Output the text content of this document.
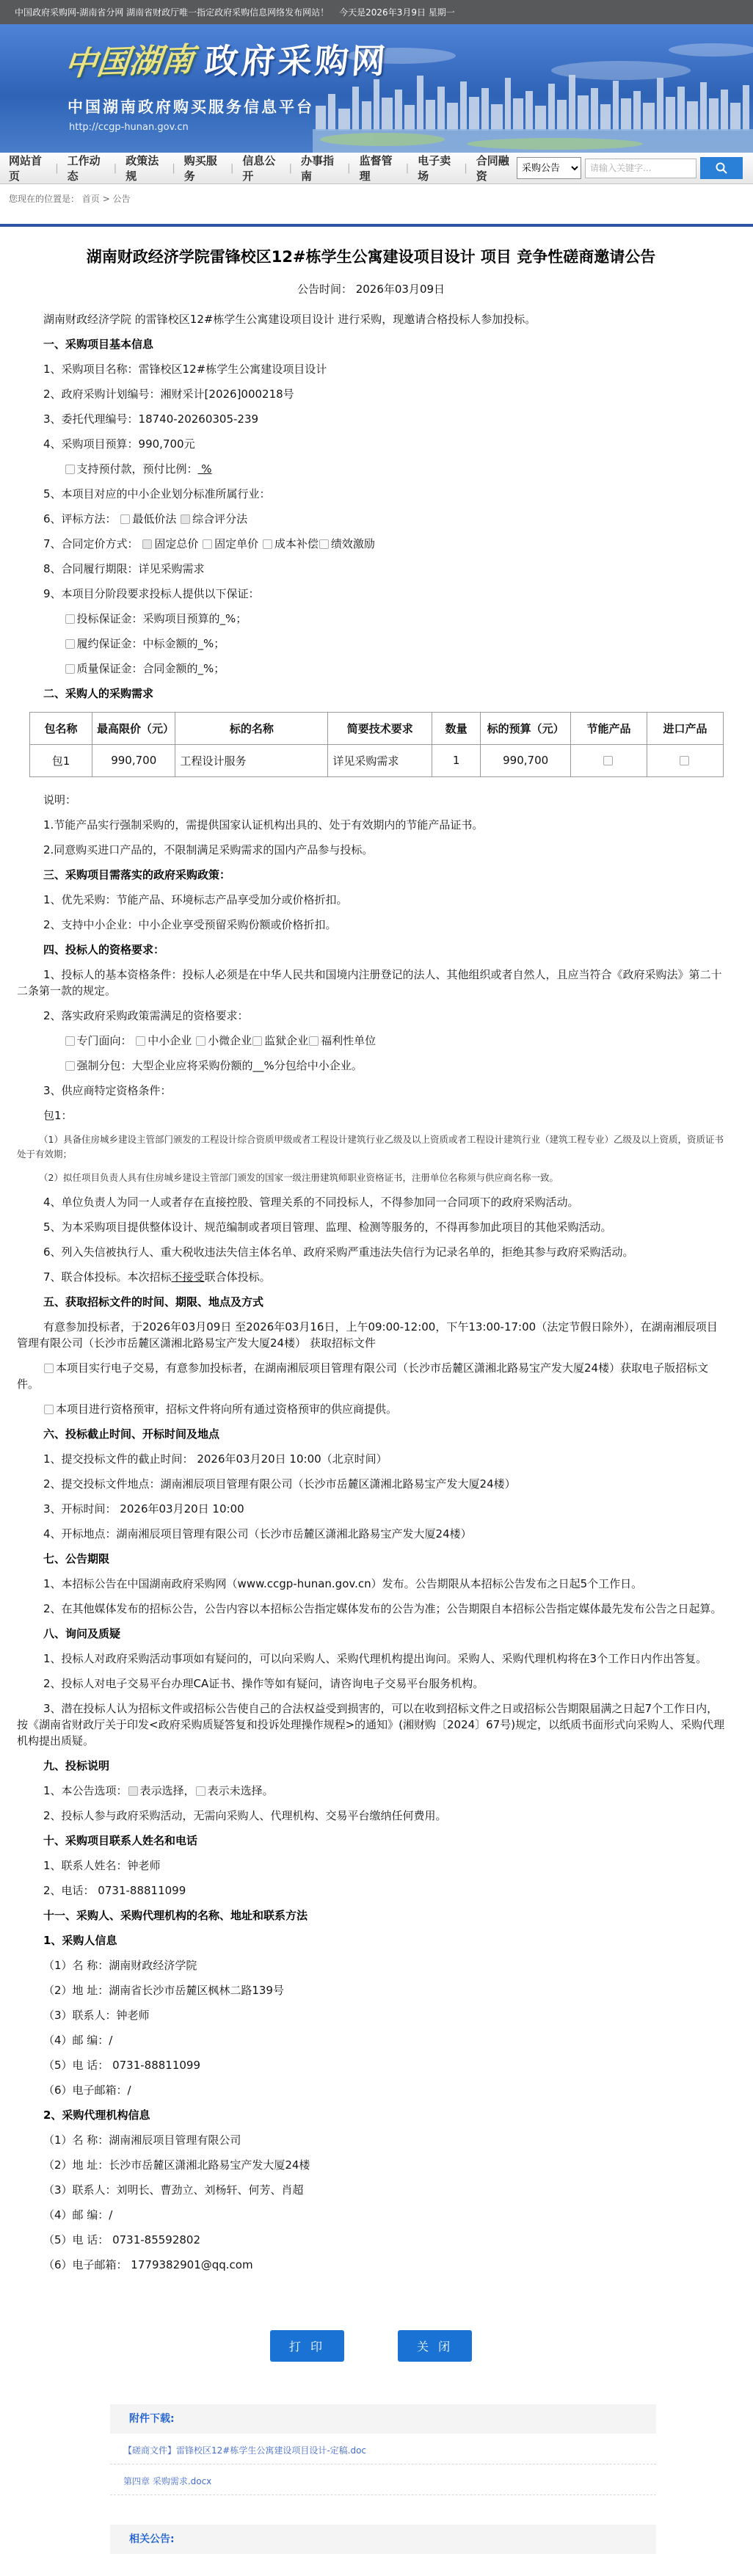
中国政府采购网-湖南省分网 湖南省财政厅唯一指定政府采购信息网络发布网站！ 今天是2026年3月9日 星期一
中国湖南 政府采购网
中国湖南政府购买服务信息平台
http://ccgp-hunan.gov.cn
网站首页
|
工作动态
|
政策法规
|
购买服务
|
信息公开
|
办事指南
|
监督管理
|
电子卖场
|
合同融资
采购公告
请输入关键字...
您现在的位置是： 首页 > 公告
湖南财政经济学院雷锋校区12#栋学生公寓建设项目设计 项目 竞争性磋商邀请公告
公告时间： 2026年03月09日

湖南财政经济学院 的雷锋校区12#栋学生公寓建设项目设计 进行采购，现邀请合格投标人参加投标。

一、采购项目基本信息

1、采购项目名称：雷锋校区12#栋学生公寓建设项目设计

2、政府采购计划编号：湘财采计[2026]000218号

3、委托代理编号：18740-20260305-239

4、采购项目预算：990,700元

支持预付款，预付比例： %

5、本项目对应的中小企业划分标准所属行业：

6、评标方法： 最低价法 ✓综合评分法

7、合同定价方式： ✓固定总价 固定单价 成本补偿 绩效激励

8、合同履行期限：详见采购需求

9、本项目分阶段要求投标人提供以下保证：

投标保证金：采购项目预算的_%；

履约保证金：中标金额的_%；

质量保证金：合同金额的_%；

二、采购人的采购需求

包名称	最高限价（元）	标的名称	简要技术要求	数量	标的预算（元）	节能产品	进口产品
包1	990,700	工程设计服务	详见采购需求	1	990,700		

说明：

1.节能产品实行强制采购的，需提供国家认证机构出具的、处于有效期内的节能产品证书。

2.同意购买进口产品的，不限制满足采购需求的国内产品参与投标。

三、采购项目需落实的政府采购政策：

1、优先采购：节能产品、环境标志产品享受加分或价格折扣。

2、支持中小企业：中小企业享受预留采购份额或价格折扣。

四、投标人的资格要求：

1、投标人的基本资格条件：投标人必须是在中华人民共和国境内注册登记的法人、其他组织或者自然人，且应当符合《政府采购法》第二十二条第一款的规定。

2、落实政府采购政策需满足的资格要求：

专门面向： 中小企业 小微企业 监狱企业 福利性单位

强制分包：大型企业应将采购份额的__%分包给中小企业。

3、供应商特定资格条件：

包1：

（1）具备住房城乡建设主管部门颁发的工程设计综合资质甲级或者工程设计建筑行业乙级及以上资质或者工程设计建筑行业（建筑工程专业）乙级及以上资质，资质证书处于有效期；

（2）拟任项目负责人具有住房城乡建设主管部门颁发的国家一级注册建筑师职业资格证书，注册单位名称须与供应商名称一致。

4、单位负责人为同一人或者存在直接控股、管理关系的不同投标人，不得参加同一合同项下的政府采购活动。

5、为本采购项目提供整体设计、规范编制或者项目管理、监理、检测等服务的，不得再参加此项目的其他采购活动。

6、列入失信被执行人、重大税收违法失信主体名单、政府采购严重违法失信行为记录名单的，拒绝其参与政府采购活动。

7、联合体投标。本次招标不接受联合体投标。

五、获取招标文件的时间、期限、地点及方式

有意参加投标者，于2026年03月09日 至2026年03月16日，上午09:00-12:00，下午13:00-17:00（法定节假日除外），在湖南湘辰项目管理有限公司（长沙市岳麓区潇湘北路易宝产发大厦24楼） 获取招标文件

本项目实行电子交易，有意参加投标者，在湖南湘辰项目管理有限公司（长沙市岳麓区潇湘北路易宝产发大厦24楼）获取电子版招标文件。

本项目进行资格预审，招标文件将向所有通过资格预审的供应商提供。

六、投标截止时间、开标时间及地点

1、提交投标文件的截止时间： 2026年03月20日 10:00（北京时间）

2、提交投标文件地点：湖南湘辰项目管理有限公司（长沙市岳麓区潇湘北路易宝产发大厦24楼）

3、开标时间： 2026年03月20日 10:00

4、开标地点：湖南湘辰项目管理有限公司（长沙市岳麓区潇湘北路易宝产发大厦24楼）

七、公告期限

1、本招标公告在中国湖南政府采购网（www.ccgp-hunan.gov.cn）发布。公告期限从本招标公告发布之日起5个工作日。

2、在其他媒体发布的招标公告，公告内容以本招标公告指定媒体发布的公告为准；公告期限自本招标公告指定媒体最先发布公告之日起算。

八、询问及质疑

1、投标人对政府采购活动事项如有疑问的，可以向采购人、采购代理机构提出询问。采购人、采购代理机构将在3个工作日内作出答复。

2、投标人对电子交易平台办理CA证书、操作等如有疑问，请咨询电子交易平台服务机构。

3、潜在投标人认为招标文件或招标公告使自己的合法权益受到损害的，可以在收到招标文件之日或招标公告期限届满之日起7个工作日内，按《湖南省财政厅关于印发<政府采购质疑答复和投诉处理操作规程>的通知》(湘财购〔2024〕67号)规定，以纸质书面形式向采购人、采购代理机构提出质疑。

九、投标说明

1、本公告选项： ✓ 表示选择， 表示未选择。

2、投标人参与政府采购活动，无需向采购人、代理机构、交易平台缴纳任何费用。

十、采购项目联系人姓名和电话

1、联系人姓名：钟老师

2、电话： 0731-88811099

十一、采购人、采购代理机构的名称、地址和联系方法

1、采购人信息

（1）名 称：湖南财政经济学院

（2）地 址：湖南省长沙市岳麓区枫林二路139号

（3）联系人：钟老师

（4）邮 编：/

（5）电 话： 0731-88811099

（6）电子邮箱：/

2、采购代理机构信息

（1）名 称：湖南湘辰项目管理有限公司

（2）地 址：长沙市岳麓区潇湘北路易宝产发大厦24楼

（3）联系人：刘明长、曹劲立、刘杨轩、何芳、肖超

（4）邮 编：/

（5）电 话： 0731-85592802

（6）电子邮箱： 1779382901@qq.com

打 印	关 闭
附件下载:
【磋商文件】雷锋校区12#栋学生公寓建设项目设计-定稿.doc
第四章 采购需求.docx
相关公告:
